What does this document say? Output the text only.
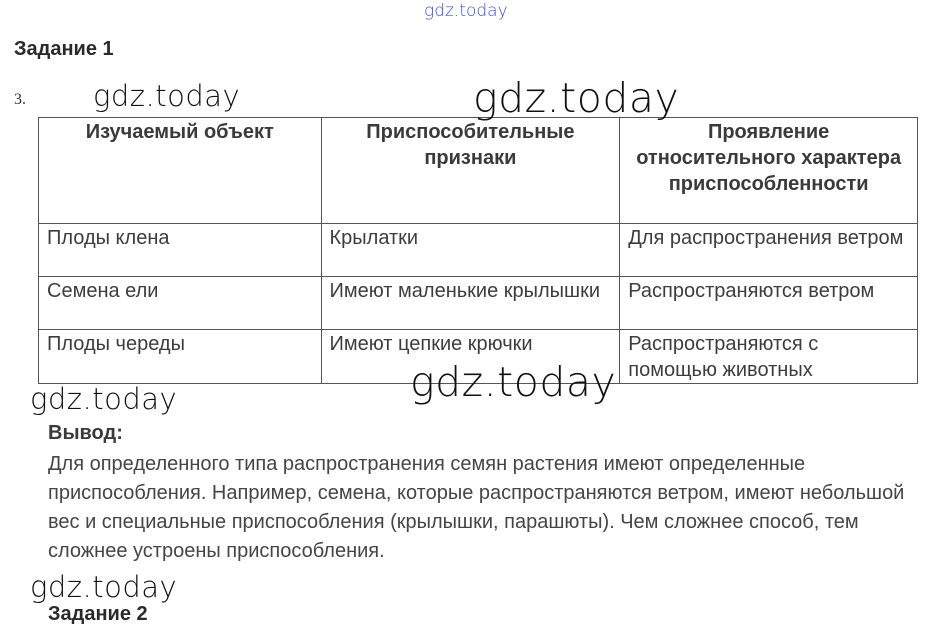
gdz.today
Задание 1
3.
Изучаемый объект	Приспособительные признаки	Проявление относительного характера приспособленности
Плоды клена	Крылатки	Для распространения ветром
Семена ели	Имеют маленькие крылышки	Распространяются ветром
Плоды череды	Имеют цепкие крючки	Распространяются с помощью животных
Вывод:

Для определенного типа распространения семян растения имеют определенные приспособления. Например, семена, которые распространяются ветром, имеют небольшой вес и специальные приспособления (крылышки, парашюты). Чем сложнее способ, тем сложнее устроены приспособления.

Задание 2
gdz.today	gdz.today
gdz.today
gdz.today
gdz.today
